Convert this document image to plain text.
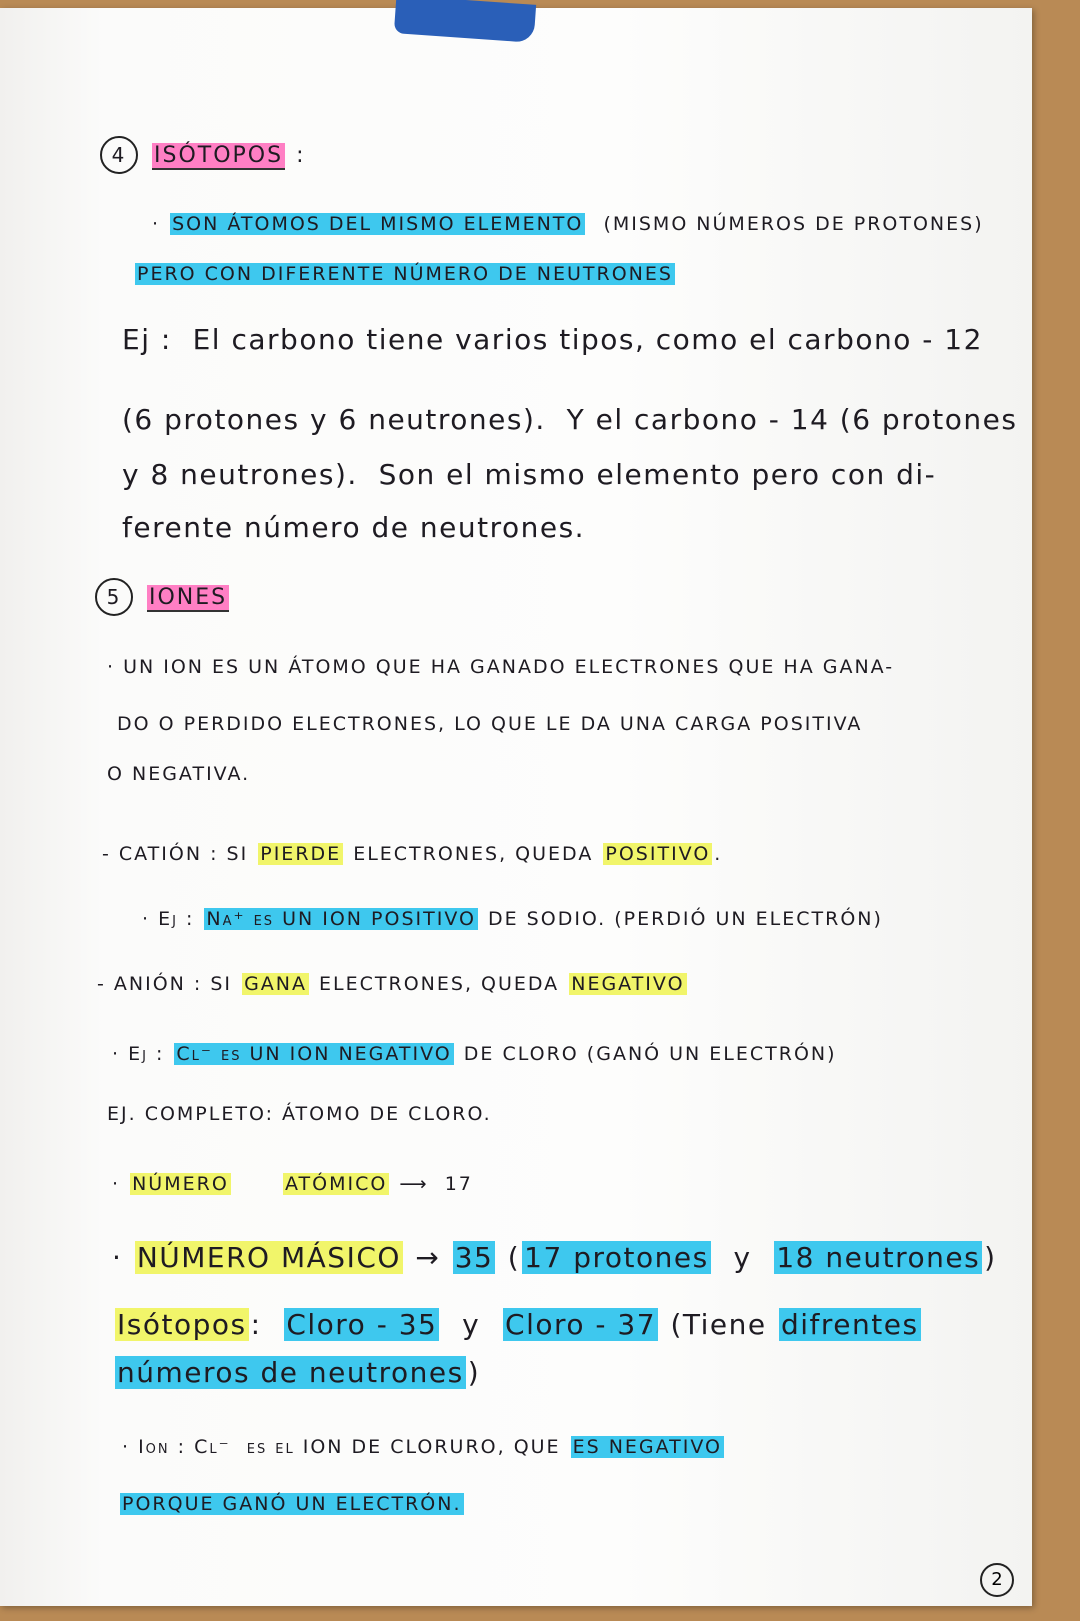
4 ISÓTOPOS :
· SON ÁTOMOS DEL MISMO ELEMENTO  (MISMO NÚMEROS DE PROTONES)
PERO CON DIFERENTE NÚMERO DE NEUTRONES
Ej :  El carbono tiene varios tipos, como el carbono - 12
(6 protones y 6 neutrones).  Y el carbono - 14 (6 protones
y 8 neutrones).  Son el mismo elemento pero con di-
ferente número de neutrones.
5 IONES
· UN ION ES UN ÁTOMO QUE HA GANADO ELECTRONES QUE HA GANA-
DO O PERDIDO ELECTRONES, LO QUE LE DA UNA CARGA POSITIVA
O NEGATIVA.
- CATIÓN : SI PIERDE ELECTRONES, QUEDA POSITIVO .
· Ej : Na⁺ es UN ION POSITIVO DE SODIO. (PERDIÓ UN ELECTRÓN)
- ANIÓN : SI GANA ELECTRONES, QUEDA NEGATIVO
· Ej : Cl⁻ es UN ION NEGATIVO DE CLORO (GANÓ UN ELECTRÓN)
EJ. COMPLETO: ÁTOMO DE CLORO.
· NÚMERO	ATÓMICO ⟶  17
· NÚMERO MÁSICO → 35 ( 17 protones  y  18 neutrones )
Isótopos :  Cloro - 35  y  Cloro - 37 (Tiene difrentes
números de neutrones )
· Ion : Cl⁻  es el ION DE CLORURO, QUE ES NEGATIVO
PORQUE GANÓ UN ELECTRÓN.
2
